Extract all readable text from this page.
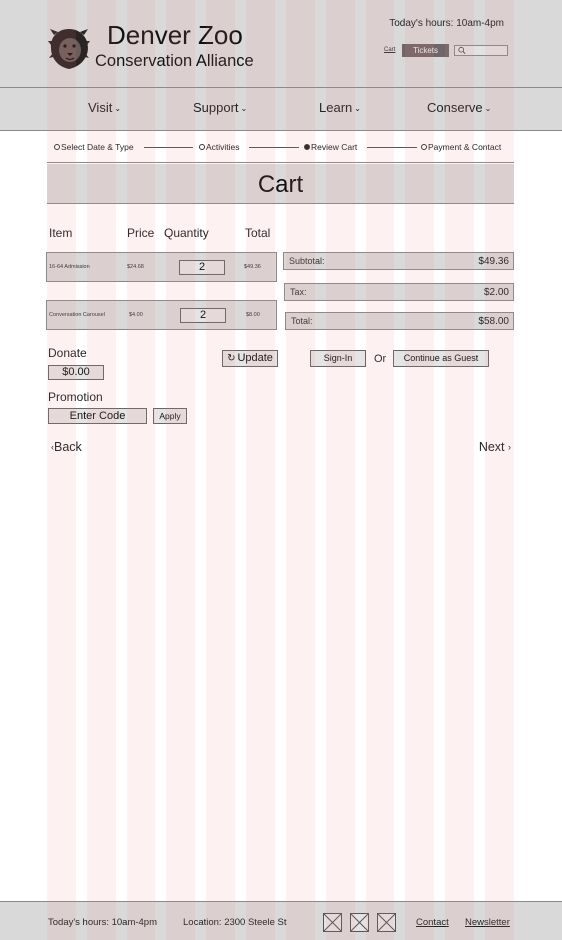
Denver Zoo
Conservation Alliance
Today's hours: 10am-4pm
Cart	Tickets
Visit ⌄	Support ⌄	Learn ⌄	Conserve ⌄
Select Date & Type	Activities	Review Cart	Payment & Contact
Cart
Item	Price Quantity	Total
16-64 Admission	$24.68	2	$49.36
Conversation Carousel	$4.00	2	$8.00
Subtotal:	$49.36
Tax:	$2.00
Total:	$58.00
Donate
$0.00
Promotion
Enter Code	Apply
↻ Update	Sign-In	Or	Continue as Guest
‹Back	Next ›
Today's hours: 10am-4pm	Location: 2300 Steele St	Contact Newsletter
